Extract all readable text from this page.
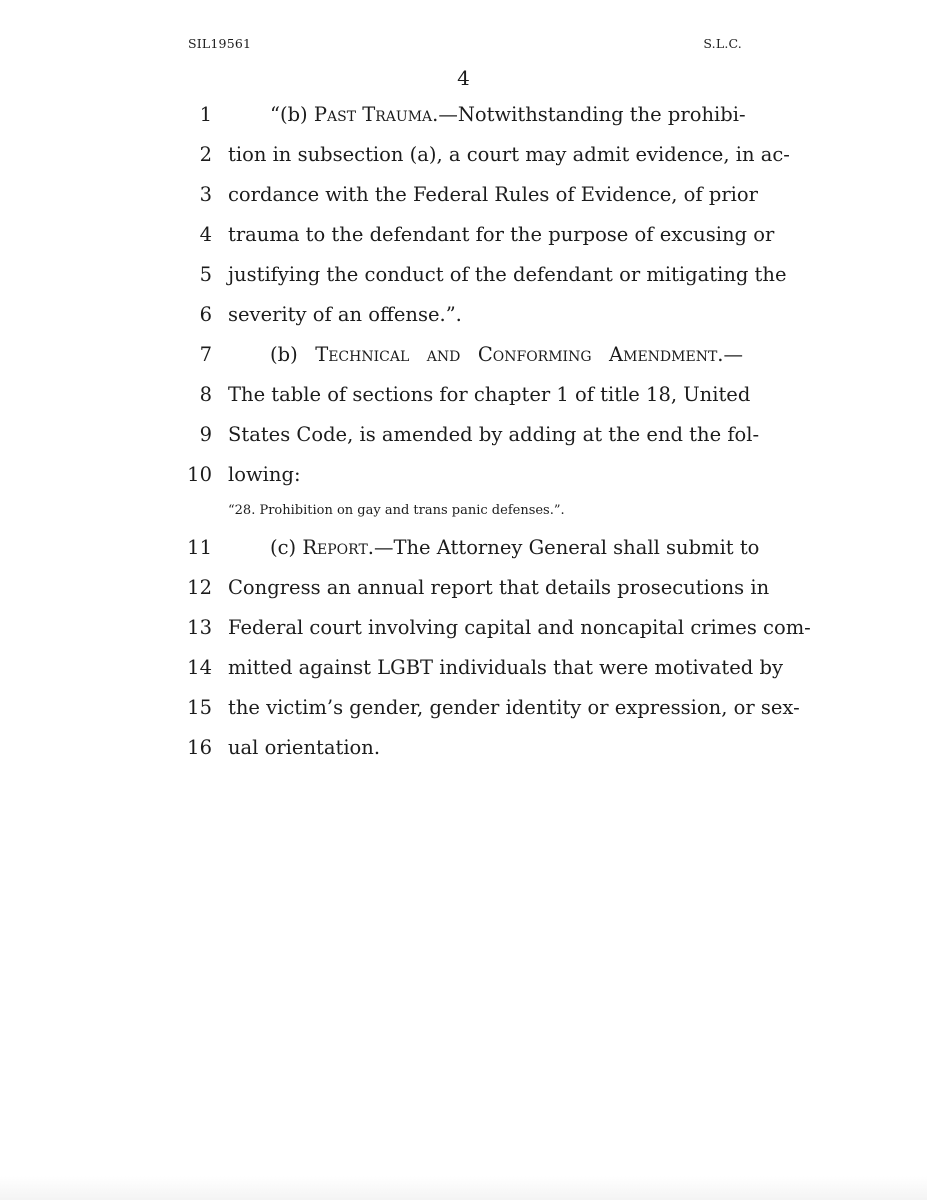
SIL19561	S.L.C.
4
1	“(b) Past Trauma.—Notwithstanding the prohibi-
2 tion in subsection (a), a court may admit evidence, in ac-
3 cordance with the Federal Rules of Evidence, of prior
4 trauma to the defendant for the purpose of excusing or
5 justifying the conduct of the defendant or mitigating the
6 severity of an offense.”.
7	(b) Technical and Conforming Amendment.—
8 The table of sections for chapter 1 of title 18, United
9 States Code, is amended by adding at the end the fol-
10 lowing:
“28. Prohibition on gay and trans panic defenses.”.
11	(c) Report.—The Attorney General shall submit to
12 Congress an annual report that details prosecutions in
13 Federal court involving capital and noncapital crimes com-
14 mitted against LGBT individuals that were motivated by
15 the victim’s gender, gender identity or expression, or sex-
16 ual orientation.
